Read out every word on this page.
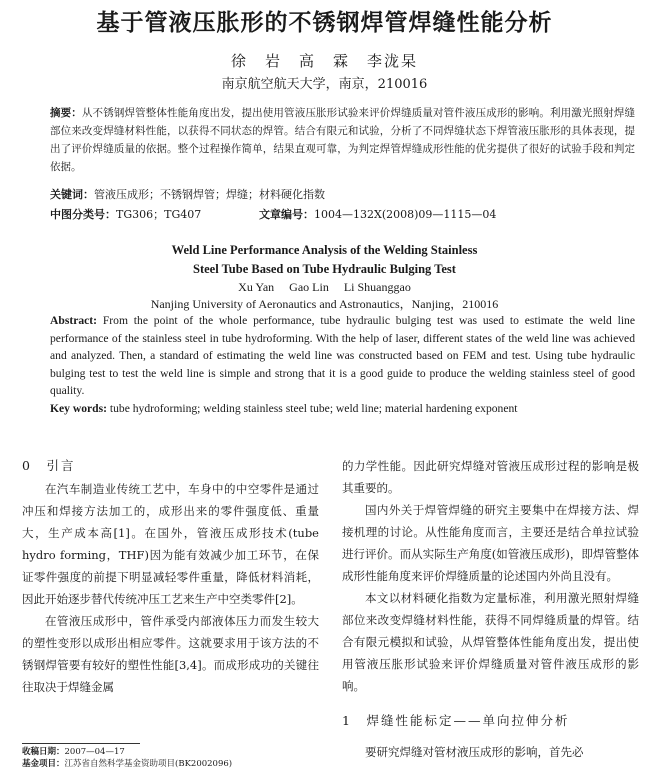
基于管液压胀形的不锈钢焊管焊缝性能分析
徐　岩　高　霖　李泷杲
南京航空航天大学，南京，210016
摘要：从不锈钢焊管整体性能角度出发，提出使用管液压胀形试验来评价焊缝质量对管件液压成形的影响。利用激光照射焊缝部位来改变焊缝材料性能，以获得不同状态的焊管。结合有限元和试验，分析了不同焊缝状态下焊管液压胀形的具体表现，提出了评价焊缝质量的依据。整个过程操作简单，结果直观可靠，为判定焊管焊缝成形性能的优劣提供了很好的试验手段和判定依据。
关键词：管液压成形；不锈钢焊管；焊缝；材料硬化指数
中图分类号：TG306；TG407	文章编号：1004—132X(2008)09—1115—04
Weld Line Performance Analysis of the Welding Stainless
Steel Tube Based on Tube Hydraulic Bulging Test
Xu Yan　 Gao Lin　 Li Shuanggao
Nanjing University of Aeronautics and Astronautics，Nanjing，210016
Abstract: From the point of the whole performance, tube hydraulic bulging test was used to estimate the weld line performance of the stainless steel in tube hydroforming. With the help of laser, different states of the weld line was achieved and analyzed. Then, a standard of estimating the weld line was constructed based on FEM and test. Using tube hydraulic bulging test to test the weld line is simple and strong that it is a good guide to produce the welding stainless steel of good quality.
Key words: tube hydroforming; welding stainless steel tube; weld line; material hardening exponent
0　引言

在汽车制造业传统工艺中，车身中的中空零件是通过冲压和焊接方法加工的，成形出来的零件强度低、重量大，生产成本高[1]。在国外，管液压成形技术(tube hydro forming，THF)因为能有效减少加工环节，在保证零件强度的前提下明显减轻零件重量，降低材料消耗，因此开始逐步替代传统冲压工艺来生产中空类零件[2]。

在管液压成形中，管件承受内部液体压力而发生较大的塑性变形以成形出相应零件。这就要求用于该方法的不锈钢焊管要有较好的塑性性能[3,4]。而成形成功的关键往往取决于焊缝金属

的力学性能。因此研究焊缝对管液压成形过程的影响是极其重要的。

国内外关于焊管焊缝的研究主要集中在焊接方法、焊接机理的讨论。从性能角度而言，主要还是结合单拉试验进行评价。而从实际生产角度(如管液压成形)，即焊管整体成形性能角度来评价焊缝质量的论述国内外尚且没有。

本文以材料硬化指数为定量标准，利用激光照射焊缝部位来改变焊缝材料性能，获得不同焊缝质量的焊管。结合有限元模拟和试验，从焊管整体性能角度出发，提出使用管液压胀形试验来评价焊缝质量对管件液压成形的影响。

1　焊缝性能标定——单向拉伸分析
要研究焊缝对管材液压成形的影响，首先必
收稿日期：2007—04—17
基金项目：江苏省自然科学基金资助项目(BK2002096)
